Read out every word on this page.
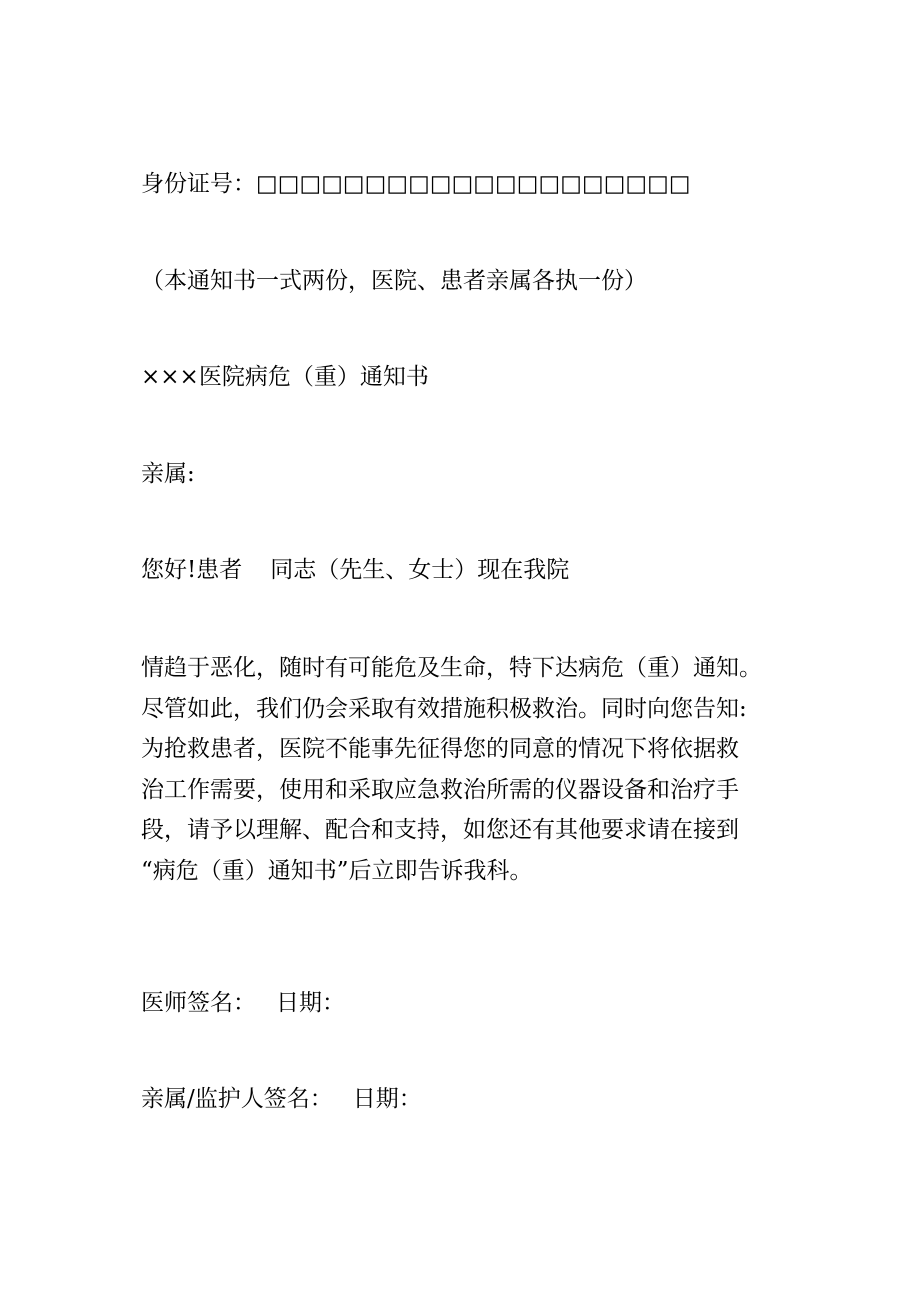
身份证号：□□□□□□□□□□□□□□□□□□□□
（本通知书一式两份，医院、患者亲属各执一份）
×××医院病危（重）通知书
亲属:
您好!患者 同志（先生、女士）现在我院
情趋于恶化，随时有可能危及生命，特下达病危（重）通知。
尽管如此，我们仍会采取有效措施积极救治。同时向您告知:
为抢救患者，医院不能事先征得您的同意的情况下将依据救
治工作需要，使用和采取应急救治所需的仪器设备和治疗手
段，请予以理解、配合和支持，如您还有其他要求请在接到
“病危（重）通知书”后立即告诉我科。
医师签名： 日期：
亲属/监护人签名： 日期：
